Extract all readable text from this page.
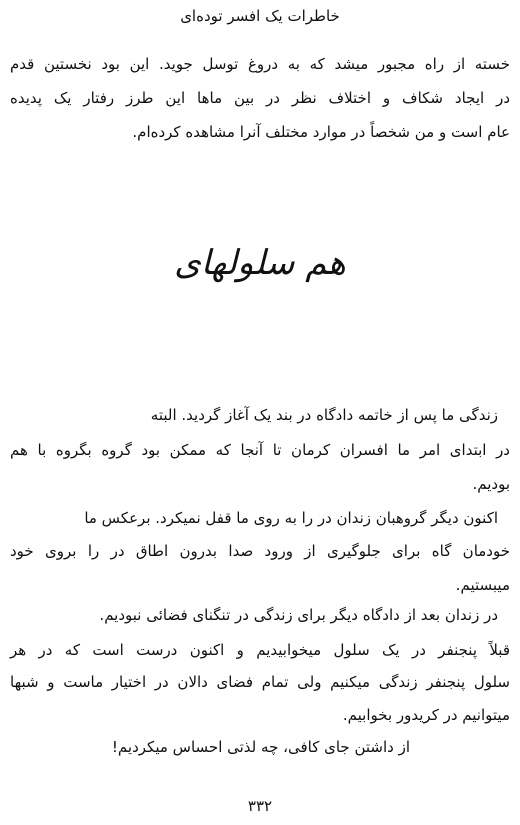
خاطرات یک افسر توده‌ای
خسته از راه مجبور میشد که به دروغ توسل جوید. این بود نخستین قدم
در ایجاد شکاف و اختلاف نظر در بین ما‌ها این طرز رفتار یک پدیده
عام است و من شخصاً در موارد مختلف آنرا مشاهده کرده‌ام.
هم سلولهای
زندگی ما پس از خاتمه دادگاه در بند یک آغاز گردید. البته
در ابتدای امر ما افسران کرمان تا آنجا که ممکن بود گروه بگروه با هم
بودیم.
اکنون دیگر گروهبان زندان در را به روی ما قفل نمیکرد. برعکس ما
خودمان گاه برای جلوگیری از ورود صدا بدرون اطاق در را بروی خود
میبستیم.
در زندان بعد از دادگاه دیگر برای زندگی در تنگنای فضائی نبودیم.
قبلاً پنجنفر در یک سلول میخوابیدیم و اکنون درست است که در هر
سلول پنجنفر زندگی میکنیم ولی تمام فضای دالان در اختیار ماست و شبها
میتوانیم در کریدور بخوابیم.
از داشتن جای کافی، چه لذتی احساس میکردیم!
۳۳۲
